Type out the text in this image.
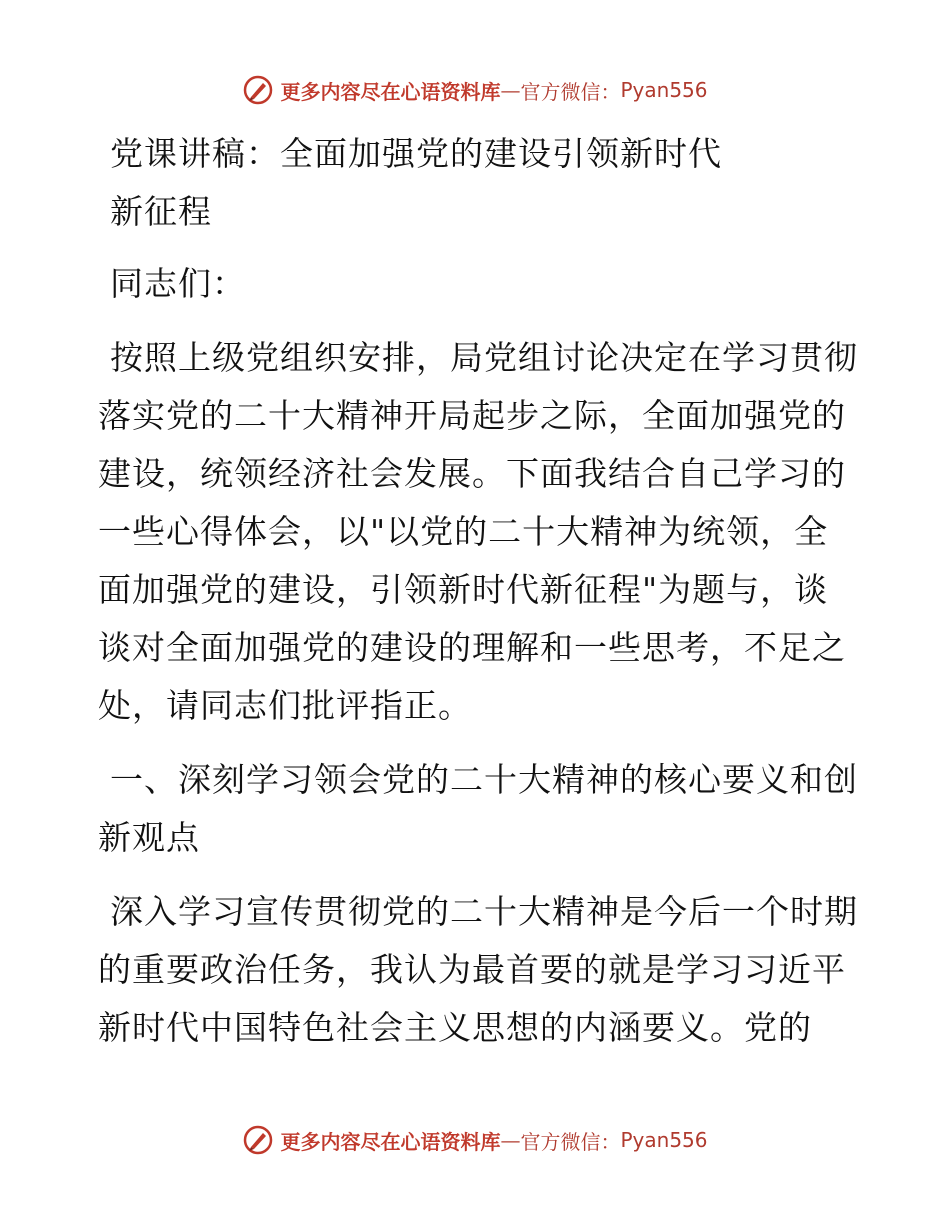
更多内容尽在心语资料库 — 官方微信： Pyan556

党课讲稿：全面加强党的建设引领新时代

新征程

同志们：

按照上级党组织安排，局党组讨论决定在学习贯彻落实党的二十大精神开局起步之际，全面加强党的建设，统领经济社会发展。下面我结合自己学习的一些心得体会，以"以党的二十大精神为统领，全面加强党的建设，引领新时代新征程"为题与，谈谈对全面加强党的建设的理解和一些思考，不足之处，请同志们批评指正。

一、深刻学习领会党的二十大精神的核心要义和创新观点

深入学习宣传贯彻党的二十大精神是今后一个时期的重要政治任务，我认为最首要的就是学习习近平新时代中国特色社会主义思想的内涵要义。党的

更多内容尽在心语资料库 — 官方微信： Pyan556
